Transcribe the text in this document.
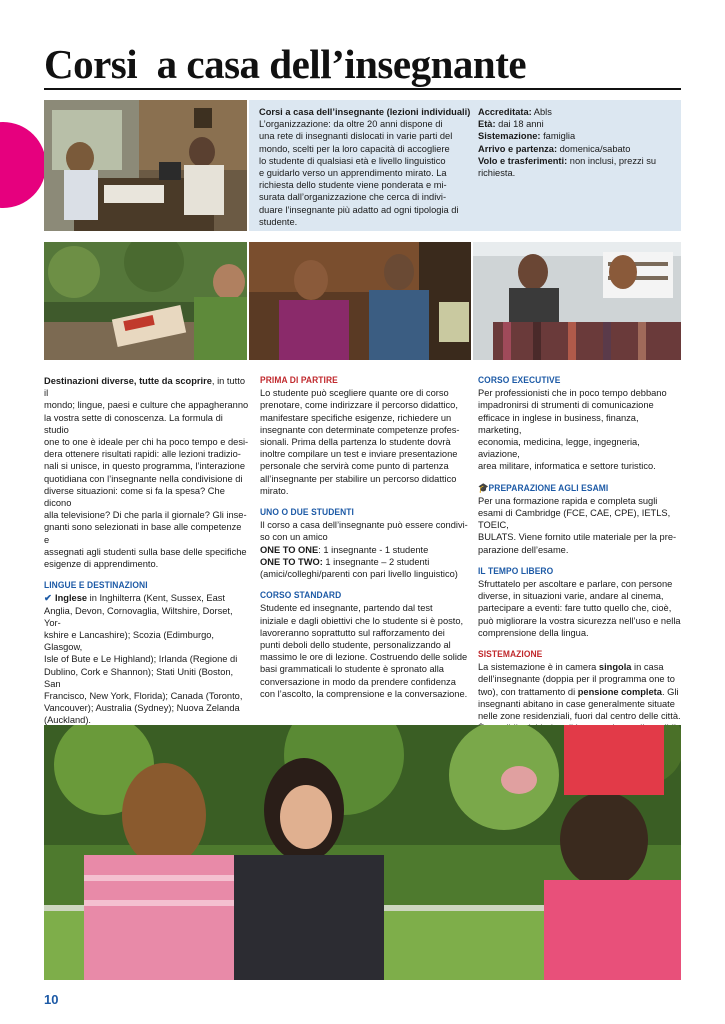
Corsi  a casa dell’insegnante

Corsi a casa dell’insegnante (lezioni individuali)

L’organizzazione: da oltre 20 anni dispone di

una rete di insegnanti dislocati in varie parti del

mondo, scelti per la loro capacità di accogliere

lo studente di qualsiasi età e livello linguistico

e guidarlo verso un apprendimento mirato. La

richiesta dello studente viene ponderata e mi-

surata dall’organizzazione che cerca di indivi-

duare l’insegnante più adatto ad ogni tipologia di

studente.

Accreditata: Abls

Età: dai 18 anni

Sistemazione: famiglia

Arrivo e partenza: domenica/sabato

Volo e trasferimenti: non inclusi, prezzi su

richiesta.

Destinazioni diverse, tutte da scoprire, in tutto il

mondo; lingue, paesi e culture che appagheranno

la vostra sette di conoscenza. La formula di studio

one to one è ideale per chi ha poco tempo e desi-

dera ottenere risultati rapidi: alle lezioni tradizio-

nali si unisce, in questo programma, l’interazione

quotidiana con l’insegnante nella condivisione di

diverse situazioni: come si fa la spesa? Che dicono

alla televisione? Di che parla il giornale? Gli inse-

gnanti sono selezionati in base alle competenze e

assegnati agli studenti sulla base delle specifiche

esigenze di apprendimento.

LINGUE E DESTINAZIONI

✔ Inglese in Inghilterra (Kent, Sussex, East

Anglia, Devon, Cornovaglia, Wiltshire, Dorset, Yor-

kshire e Lancashire); Scozia (Edimburgo, Glasgow,

Isle of Bute e Le Highland); Irlanda (Regione di

Dublino, Cork e Shannon); Stati Uniti (Boston, San

Francisco, New York, Florida); Canada (Toronto,

Vancouver); Australia (Sydney); Nuova Zelanda

(Auckland).

PRIMA DI PARTIRE

Lo studente può scegliere quante ore di corso

prenotare, come indirizzare il percorso didattico,

manifestare specifiche esigenze, richiedere un

insegnante con determinate competenze profes-

sionali. Prima della partenza lo studente dovrà

inoltre compilare un test e inviare presentazione

personale che servirà come punto di partenza

all’insegnante per stabilire un percorso didattico

mirato.

UNO O DUE STUDENTI

Il corso a casa dell’insegnante può essere condivi-

so con un amico

ONE TO ONE: 1 insegnante - 1 studente

ONE TO TWO: 1 insegnante – 2 studenti

(amici/colleghi/parenti con pari livello linguistico)

CORSO STANDARD

Studente ed insegnante, partendo dal test

iniziale e dagli obiettivi che lo studente si è posto,

lavoreranno soprattutto sul rafforzamento dei

punti deboli dello studente, personalizzando al

massimo le ore di lezione. Costruendo delle solide

basi grammaticali lo studente è spronato alla

conversazione in modo da prendere confidenza

con l’ascolto, la comprensione e la conversazione.

CORSO EXECUTIVE

Per professionisti che in poco tempo debbano

impadronirsi di strumenti di comunicazione

efficace in inglese in business, finanza, marketing,

economia, medicina, legge, ingegneria, aviazione,

area militare, informatica e settore turistico.

🎓PREPARAZIONE AGLI ESAMI

Per una formazione rapida e completa sugli

esami di Cambridge (FCE, CAE, CPE), IETLS, TOEIC,

BULATS. Viene fornito utile materiale per la pre-

parazione dell’esame.

IL TEMPO LIBERO

Sfruttatelo per ascoltare e parlare, con persone

diverse, in situazioni varie, andare al cinema,

partecipare a eventi: fare tutto quello che, cioè,

può migliorare la vostra sicurezza nell’uso e nella

comprensione della lingua.

SISTEMAZIONE

La sistemazione è in camera singola in casa

dell’insegnante (doppia per il programma one to

two), con trattamento di pensione completa. Gli

insegnanti abitano in case generalmente situate

nelle zone residenziali, fuori dal centro delle città.

10
